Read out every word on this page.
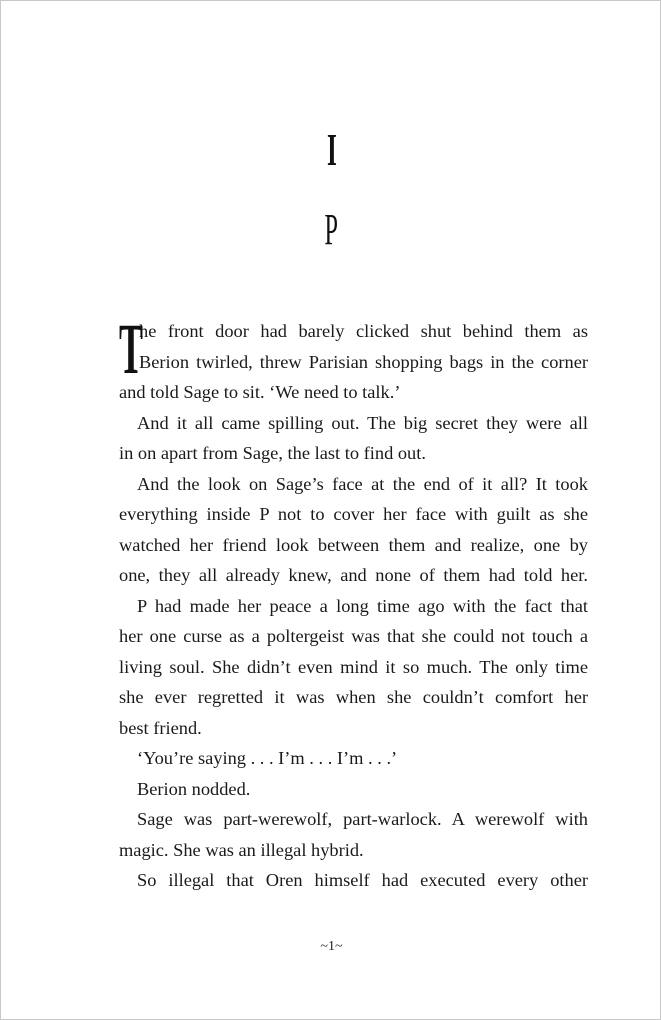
I
P
T
he front door had barely clicked shut behind them as
Berion twirled, threw Parisian shopping bags in the corner
and told Sage to sit. ‘We need to talk.’
And it all came spilling out. The big secret they were all
in on apart from Sage, the last to find out.
And the look on Sage’s face at the end of it all? It took
everything inside P not to cover her face with guilt as she
watched her friend look between them and realize, one by
one, they all already knew, and none of them had told her.
P had made her peace a long time ago with the fact that
her one curse as a poltergeist was that she could not touch a
living soul. She didn’t even mind it so much. The only time
she ever regretted it was when she couldn’t comfort her
best friend.
‘You’re saying . . . I’m . . . I’m . . .’
Berion nodded.
Sage was part-werewolf, part-warlock. A werewolf with
magic. She was an illegal hybrid.
So illegal that Oren himself had executed every other
~1~
